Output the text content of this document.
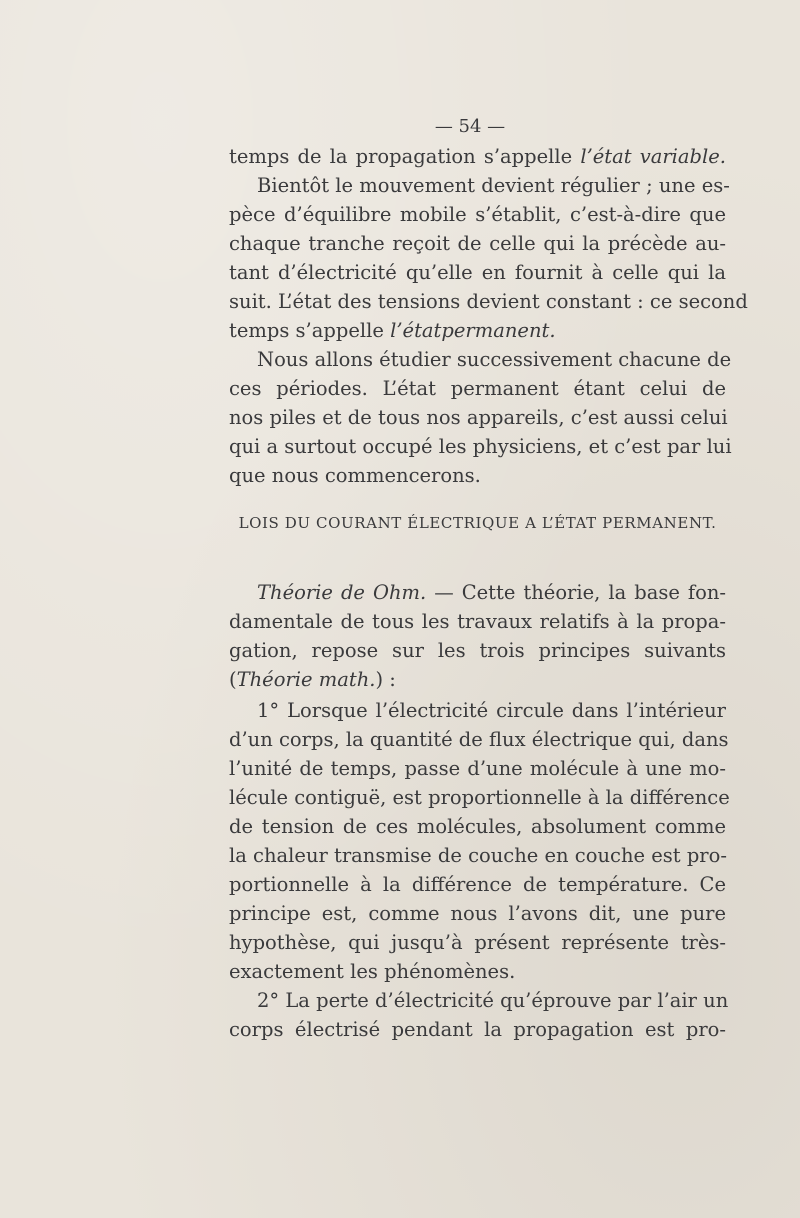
— 54 —
temps de la propagation s’appelle l’état variable.
Bientôt le mouvement devient régulier ; une es-
pèce d’équilibre mobile s’établit, c’est-à-dire que
chaque tranche reçoit de celle qui la précède au-
tant d’électricité qu’elle en fournit à celle qui la
suit. L’état des tensions devient constant : ce second
temps s’appelle l’étatpermanent.
Nous allons étudier successivement chacune de
ces périodes. L’état permanent étant celui de
nos piles et de tous nos appareils, c’est aussi celui
qui a surtout occupé les physiciens, et c’est par lui
que nous commencerons.
LOIS DU COURANT ÉLECTRIQUE A L’ÉTAT PERMANENT.
Théorie de Ohm. — Cette théorie, la base fon-
damentale de tous les travaux relatifs à la propa-
gation, repose sur les trois principes suivants
(Théorie math.) :
1° Lorsque l’électricité circule dans l’intérieur
d’un corps, la quantité de flux électrique qui, dans
l’unité de temps, passe d’une molécule à une mo-
lécule contiguë, est proportionnelle à la différence
de tension de ces molécules, absolument comme
la chaleur transmise de couche en couche est pro-
portionnelle à la différence de température. Ce
principe est, comme nous l’avons dit, une pure
hypothèse, qui jusqu’à présent représente très-
exactement les phénomènes.
2° La perte d’électricité qu’éprouve par l’air un
corps électrisé pendant la propagation est pro-
